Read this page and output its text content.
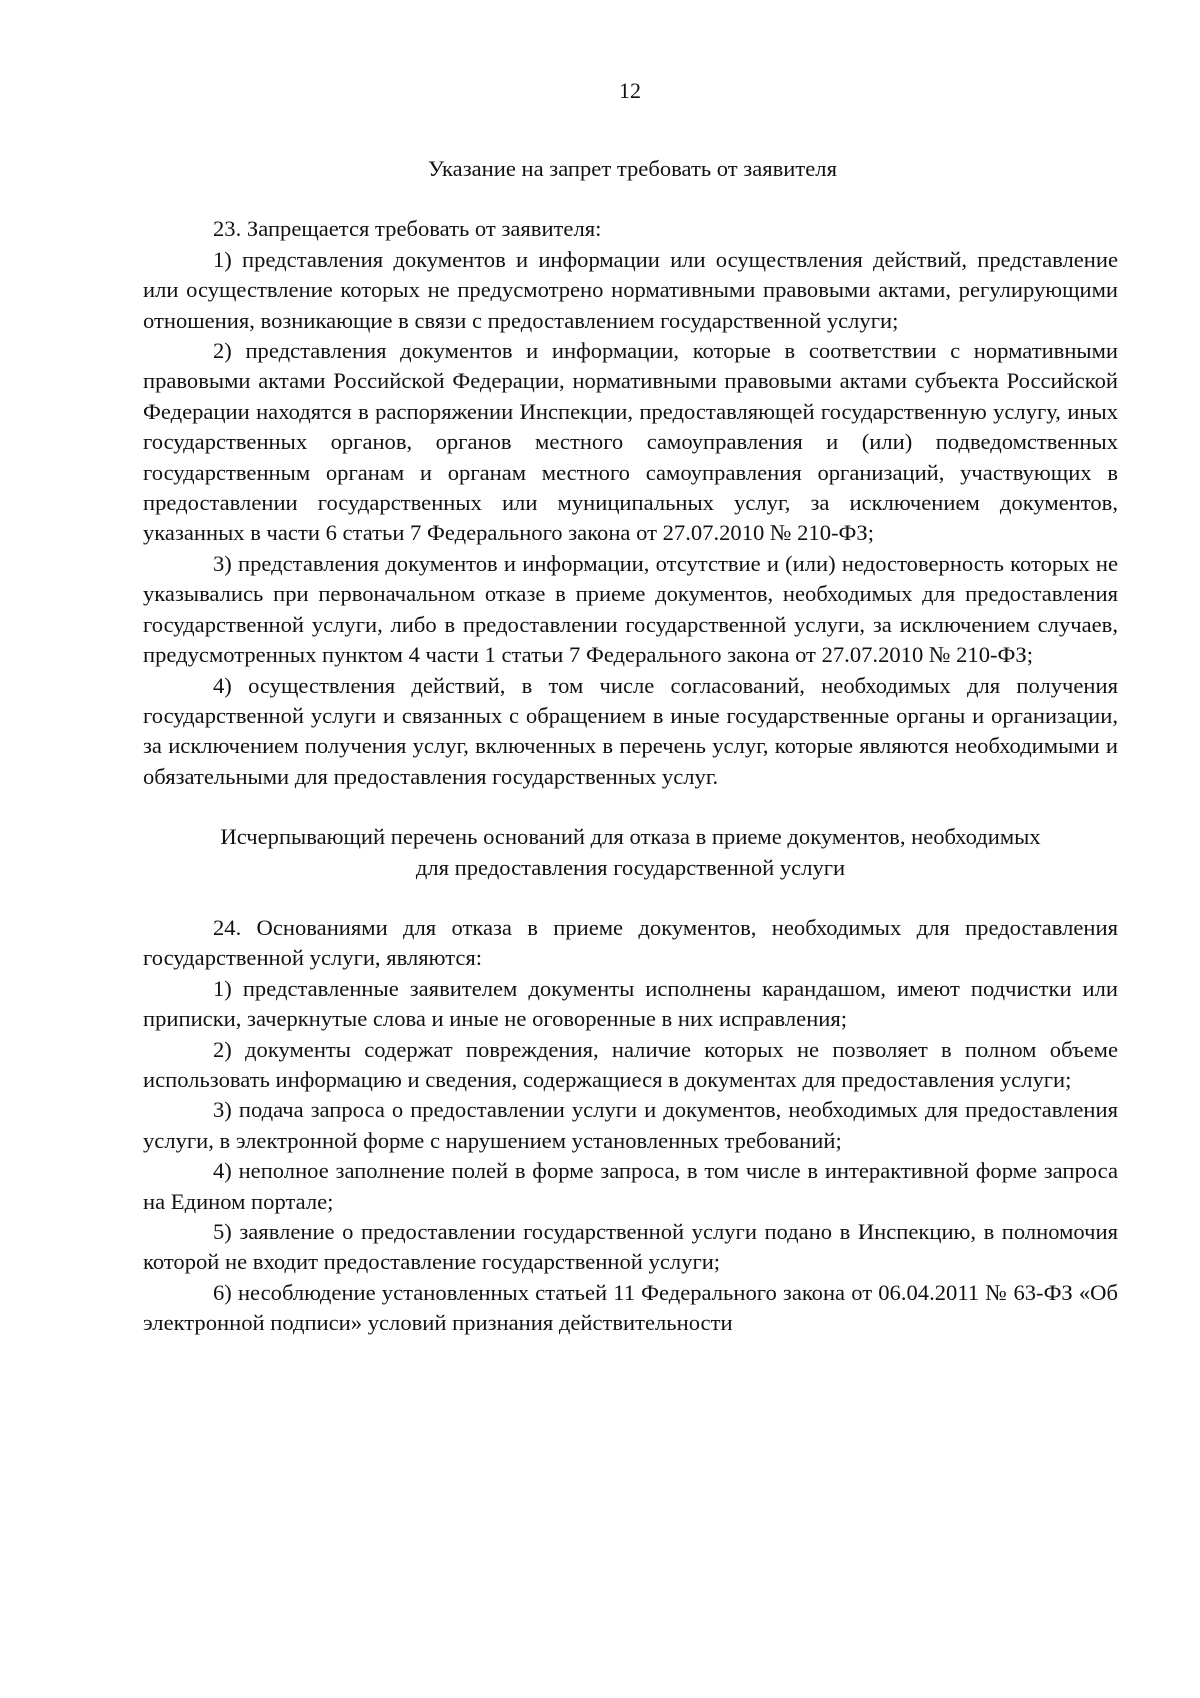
12

Указание на запрет требовать от заявителя

23. Запрещается требовать от заявителя:

1) представления документов и информации или осуществления действий, представление или осуществление которых не предусмотрено нормативными правовыми актами, регулирующими отношения, возникающие в связи с предоставлением государственной услуги;

2) представления документов и информации, которые в соответствии с нормативными правовыми актами Российской Федерации, нормативными правовыми актами субъекта Российской Федерации находятся в распоряжении Инспекции, предоставляющей государственную услугу, иных государственных органов, органов местного самоуправления и (или) подведомственных государственным органам и органам местного самоуправления организаций, участвующих в предоставлении государственных или муниципальных услуг, за исключением документов, указанных в части 6 статьи 7 Федерального закона от 27.07.2010 № 210-ФЗ;

3) представления документов и информации, отсутствие и (или) недостоверность которых не указывались при первоначальном отказе в приеме документов, необходимых для предоставления государственной услуги, либо в предоставлении государственной услуги, за исключением случаев, предусмотренных пунктом 4 части 1 статьи 7 Федерального закона от 27.07.2010 № 210-ФЗ;

4) осуществления действий, в том числе согласований, необходимых для получения государственной услуги и связанных с обращением в иные государственные органы и организации, за исключением получения услуг, включенных в перечень услуг, которые являются необходимыми и обязательными для предоставления государственных услуг.

Исчерпывающий перечень оснований для отказа в приеме документов, необходимых
для предоставления государственной услуги

24. Основаниями для отказа в приеме документов, необходимых для предоставления государственной услуги, являются:

1) представленные заявителем документы исполнены карандашом, имеют подчистки или приписки, зачеркнутые слова и иные не оговоренные в них исправления;

2) документы содержат повреждения, наличие которых не позволяет в полном объеме использовать информацию и сведения, содержащиеся в документах для предоставления услуги;

3) подача запроса о предоставлении услуги и документов, необходимых для предоставления услуги, в электронной форме с нарушением установленных требований;

4) неполное заполнение полей в форме запроса, в том числе в интерактивной форме запроса на Едином портале;

5) заявление о предоставлении государственной услуги подано в Инспекцию, в полномочия которой не входит предоставление государственной услуги;

6) несоблюдение установленных статьей 11 Федерального закона от 06.04.2011 № 63-ФЗ «Об электронной подписи» условий признания действительности
